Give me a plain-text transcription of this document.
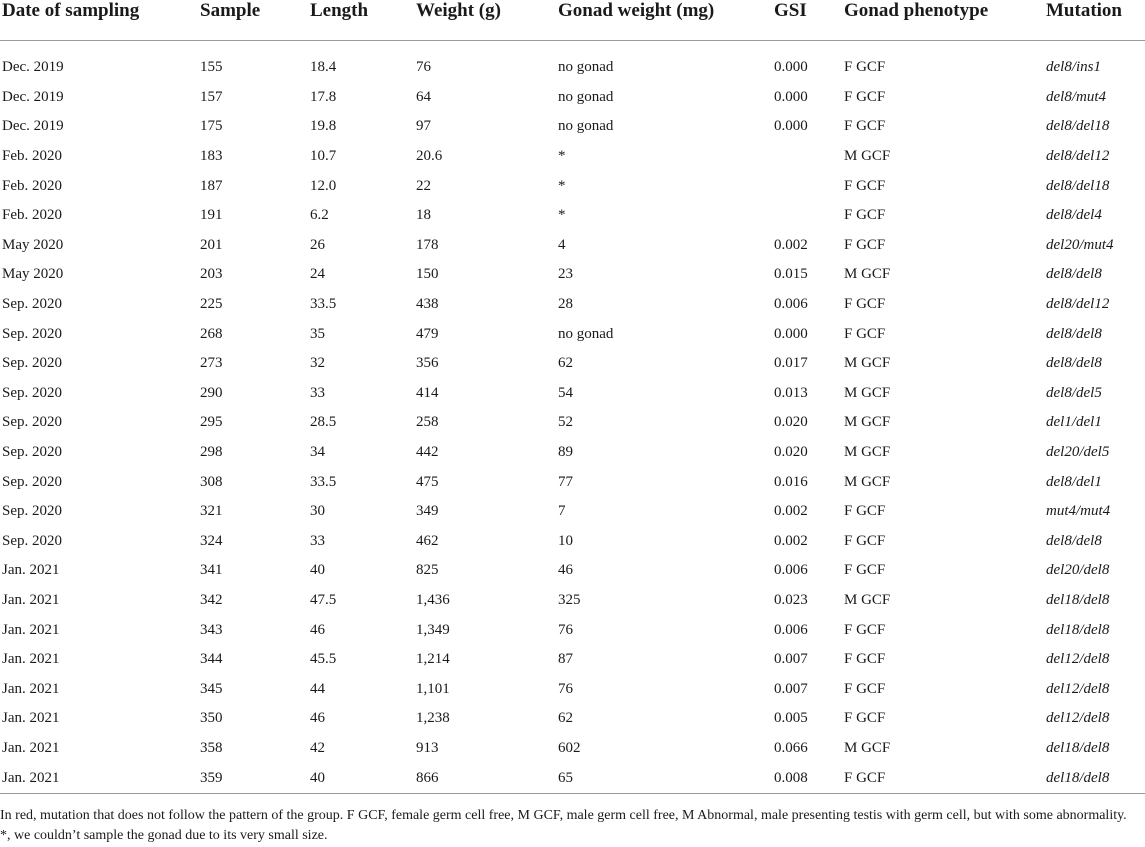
Date of sampling	Sample	Length	Weight (g)	Gonad weight (mg)	GSI	Gonad phenotype	Mutation
Dec. 2019	155	18.4	76	no gonad	0.000	F GCF	del8/ins1
Dec. 2019	157	17.8	64	no gonad	0.000	F GCF	del8/mut4
Dec. 2019	175	19.8	97	no gonad	0.000	F GCF	del8/del18
Feb. 2020	183	10.7	20.6	*		M GCF	del8/del12
Feb. 2020	187	12.0	22	*		F GCF	del8/del18
Feb. 2020	191	6.2	18	*		F GCF	del8/del4
May 2020	201	26	178	4	0.002	F GCF	del20/mut4
May 2020	203	24	150	23	0.015	M GCF	del8/del8
Sep. 2020	225	33.5	438	28	0.006	F GCF	del8/del12
Sep. 2020	268	35	479	no gonad	0.000	F GCF	del8/del8
Sep. 2020	273	32	356	62	0.017	M GCF	del8/del8
Sep. 2020	290	33	414	54	0.013	M GCF	del8/del5
Sep. 2020	295	28.5	258	52	0.020	M GCF	del1/del1
Sep. 2020	298	34	442	89	0.020	M GCF	del20/del5
Sep. 2020	308	33.5	475	77	0.016	M GCF	del8/del1
Sep. 2020	321	30	349	7	0.002	F GCF	mut4/mut4
Sep. 2020	324	33	462	10	0.002	F GCF	del8/del8
Jan. 2021	341	40	825	46	0.006	F GCF	del20/del8
Jan. 2021	342	47.5	1,436	325	0.023	M GCF	del18/del8
Jan. 2021	343	46	1,349	76	0.006	F GCF	del18/del8
Jan. 2021	344	45.5	1,214	87	0.007	F GCF	del12/del8
Jan. 2021	345	44	1,101	76	0.007	F GCF	del12/del8
Jan. 2021	350	46	1,238	62	0.005	F GCF	del12/del8
Jan. 2021	358	42	913	602	0.066	M GCF	del18/del8
Jan. 2021	359	40	866	65	0.008	F GCF	del18/del8
In red, mutation that does not follow the pattern of the group. F GCF, female germ cell free, M GCF, male germ cell free, M Abnormal, male presenting testis with germ cell, but with some abnormality. *, we couldn’t sample the gonad due to its very small size.
